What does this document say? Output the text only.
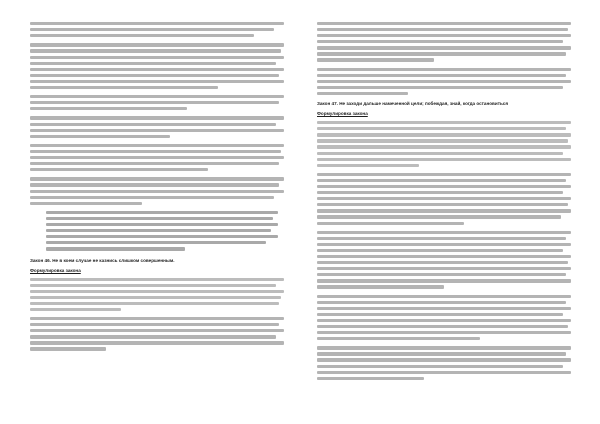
Закон 46. Не в коем случае не казнись слишком совершенным.
Формулировка закона
Закон 47. Не заходи дальше намеченной цели; побеждая, знай, когда остановиться
Формулировка закона
